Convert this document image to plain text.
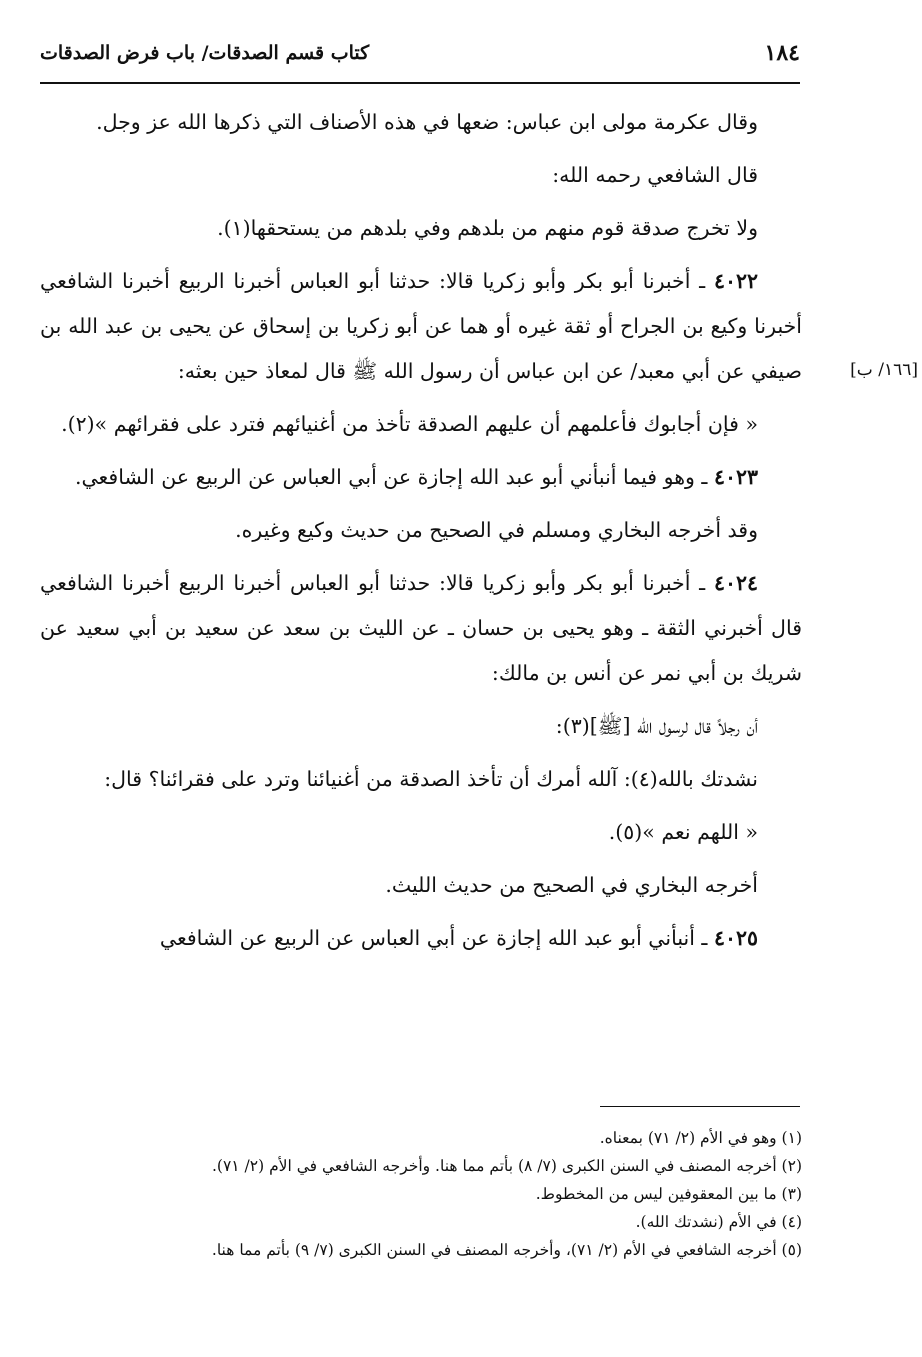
١٨٤
كتاب قسم الصدقات/ باب فرض الصدقات
[١٦٦/ ب]

وقال عكرمة مولى ابن عباس: ضعها في هذه الأصناف التي ذكرها الله عز وجل.

قال الشافعي رحمه الله:

ولا تخرج صدقة قوم منهم من بلدهم وفي بلدهم من يستحقها(١).

٤٠٢٢ ـ أخبرنا أبو بكر وأبو زكريا قالا: حدثنا أبو العباس أخبرنا الربيع أخبرنا الشافعي أخبرنا وكيع بن الجراح أو ثقة غيره أو هما عن أبو زكريا بن إسحاق عن يحيى بن عبد الله بن صيفي عن أبي معبد/ عن ابن عباس أن رسول الله ﷺ قال لمعاذ حين بعثه:

« فإن أجابوك فأعلمهم أن عليهم الصدقة تأخذ من أغنيائهم فترد على فقرائهم »(٢).

٤٠٢٣ ـ وهو فيما أنبأني أبو عبد الله إجازة عن أبي العباس عن الربيع عن الشافعي.

وقد أخرجه البخاري ومسلم في الصحيح من حديث وكيع وغيره.

٤٠٢٤ ـ أخبرنا أبو بكر وأبو زكريا قالا: حدثنا أبو العباس أخبرنا الربيع أخبرنا الشافعي قال أخبرني الثقة ـ وهو يحيى بن حسان ـ عن الليث بن سعد عن سعيد بن أبي سعيد عن شريك بن أبي نمر عن أنس بن مالك:

أن رجلاً قال لرسول الله [ﷺ](٣):

نشدتك بالله(٤): آلله أمرك أن تأخذ الصدقة من أغنيائنا وترد على فقرائنا؟ قال:

« اللهم نعم »(٥).

أخرجه البخاري في الصحيح من حديث الليث.

٤٠٢٥ ـ أنبأني أبو عبد الله إجازة عن أبي العباس عن الربيع عن الشافعي

(١) وهو في الأم (٢/ ٧١) بمعناه.
(٢) أخرجه المصنف في السنن الكبرى (٧/ ٨) بأتم مما هنا. وأخرجه الشافعي في الأم (٢/ ٧١).
(٣) ما بين المعقوفين ليس من المخطوط.
(٤) في الأم (نشدتك الله).
(٥) أخرجه الشافعي في الأم (٢/ ٧١)، وأخرجه المصنف في السنن الكبرى (٧/ ٩) بأتم مما هنا.
